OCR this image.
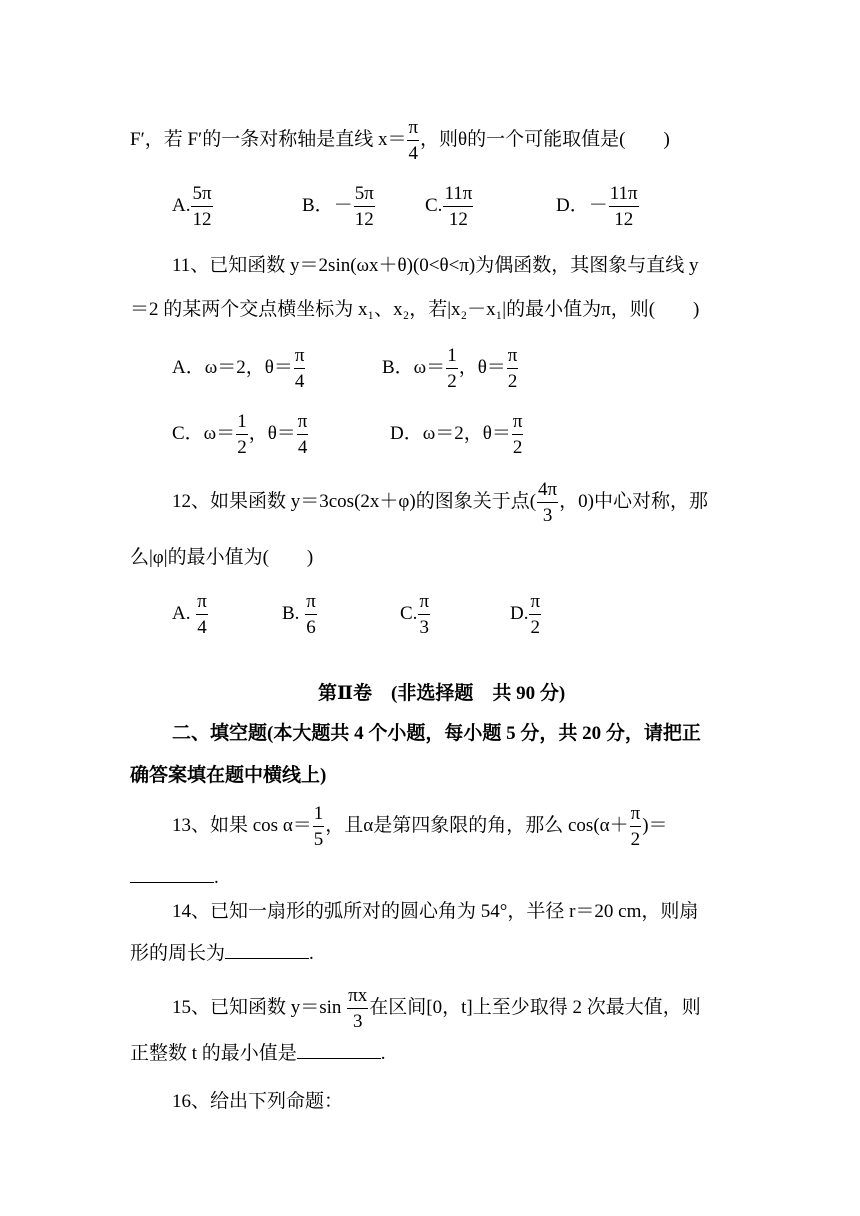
F′，若 F′的一条对称轴是直线 $x= \frac{\pi}{4}$ ，则θ的一个可能取值是(　　)
A. $\frac{5\pi}{12}$	B．－ $\frac{5\pi}{12}$	C. $\frac{11\pi}{12}$	D．－ $\frac{11\pi}{12}$
11、已知函数 y＝2sin(ωx＋θ)(0<θ<π)为偶函数，其图象与直线 y
＝2 的某两个交点横坐标为 x₁、x₂，若|x₂－x₁|的最小值为π，则(　　)
A．ω＝2，$\theta= \frac{\pi}{4}$	B．$\omega= \frac{1}{2}$ ，$\theta= \frac{\pi}{2}$
C．$\omega= \frac{1}{2}$ ，$\theta= \frac{\pi}{4}$	D．ω＝2，$\theta= \frac{\pi}{2}$
12、如果函数 y＝3cos(2x＋φ)的图象关于点( $\frac{4\pi}{3}$ ，0)中心对称，那
么|φ|的最小值为(　　)
A. $\frac{\pi}{4}$	B. $\frac{\pi}{6}$	C. $\frac{\pi}{3}$	D. $\frac{\pi}{2}$
第Ⅱ卷　(非选择题　共 90 分)
二、填空题(本大题共 4 个小题，每小题 5 分，共 20 分，请把正
确答案填在题中横线上)
13、如果 $\cos \alpha= \frac{1}{5}$ ，且α是第四象限的角，那么 $\cos(\alpha+ \frac{\pi}{2}$ )＝
.
14、已知一扇形的弧所对的圆心角为 54°，半径 r＝20 cm，则扇
形的周长为	.
15、已知函数 $y=\sin \frac{\pi x}{3}$ 在区间[0，t]上至少取得 2 次最大值，则
正整数 t 的最小值是	.
16、给出下列命题：
